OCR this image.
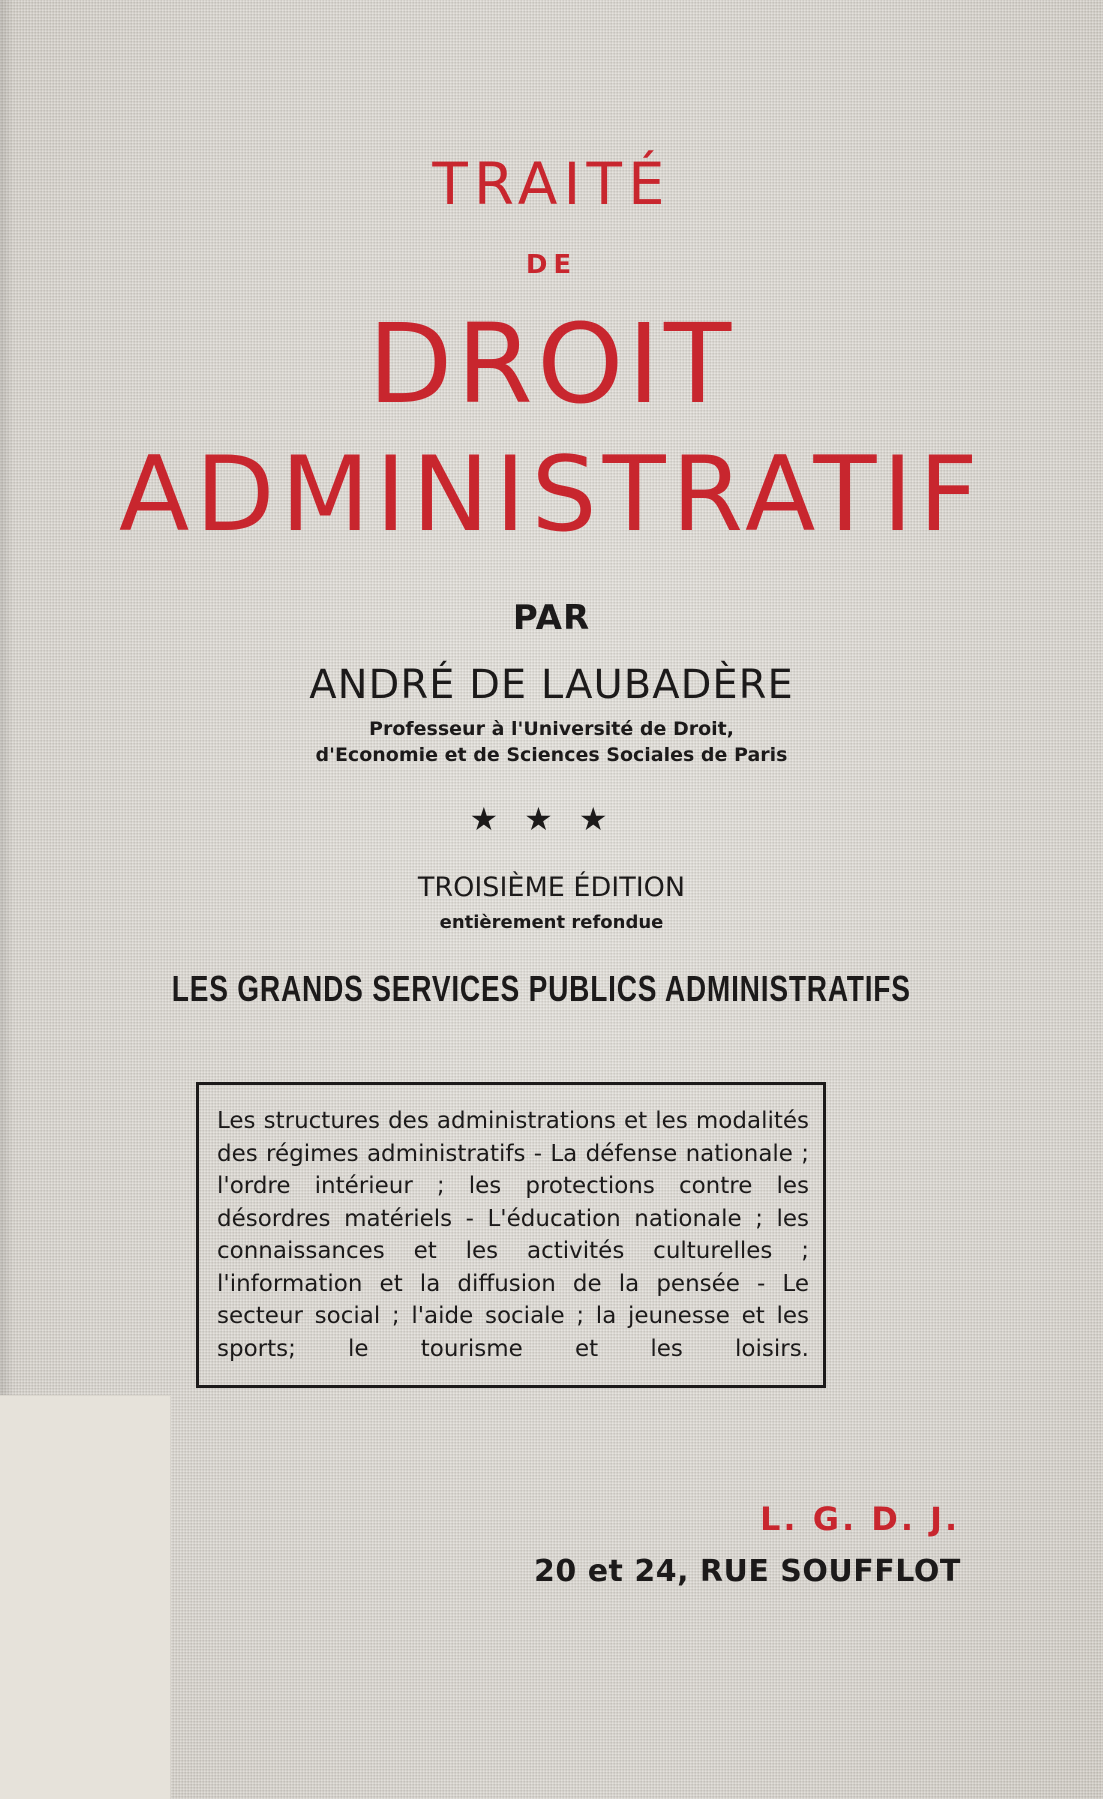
TRAITÉ
DE
DROIT
ADMINISTRATIF
PAR
ANDRÉ DE LAUBADÈRE
Professeur à l'Université de Droit,
d'Economie et de Sciences Sociales de Paris
★★★
TROISIÈME ÉDITION
entièrement refondue
LES GRANDS SERVICES PUBLICS ADMINISTRATIFS

Les structures des administrations et les modalités des régimes administratifs - La défense nationale ; l'ordre intérieur ; les protections contre les désordres matériels - L'éducation nationale ; les connaissances et les activités culturelles ; l'information et la diffusion de la pensée - Le secteur social ; l'aide sociale ; la jeunesse et les sports; le tourisme et les loisirs.

L. G. D. J.
20 et 24, RUE SOUFFLOT
